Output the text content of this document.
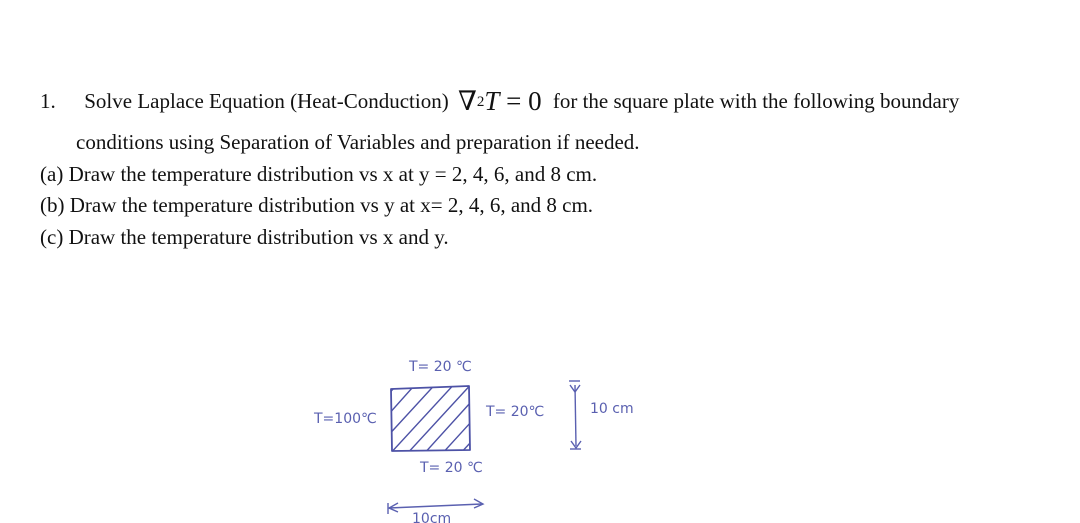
1. Solve Laplace Equation (Heat-Conduction) ∇$^2$T = 0 for the square plate with the following boundary
conditions using Separation of Variables and preparation if needed.
(a) Draw the temperature distribution vs x at y = 2, 4, 6, and 8 cm.
(b) Draw the temperature distribution vs y at x= 2, 4, 6, and 8 cm.
(c) Draw the temperature distribution vs x and y.
T= 20 ℃
T=100℃	T= 20℃
T= 20 ℃
10 cm
10cm
